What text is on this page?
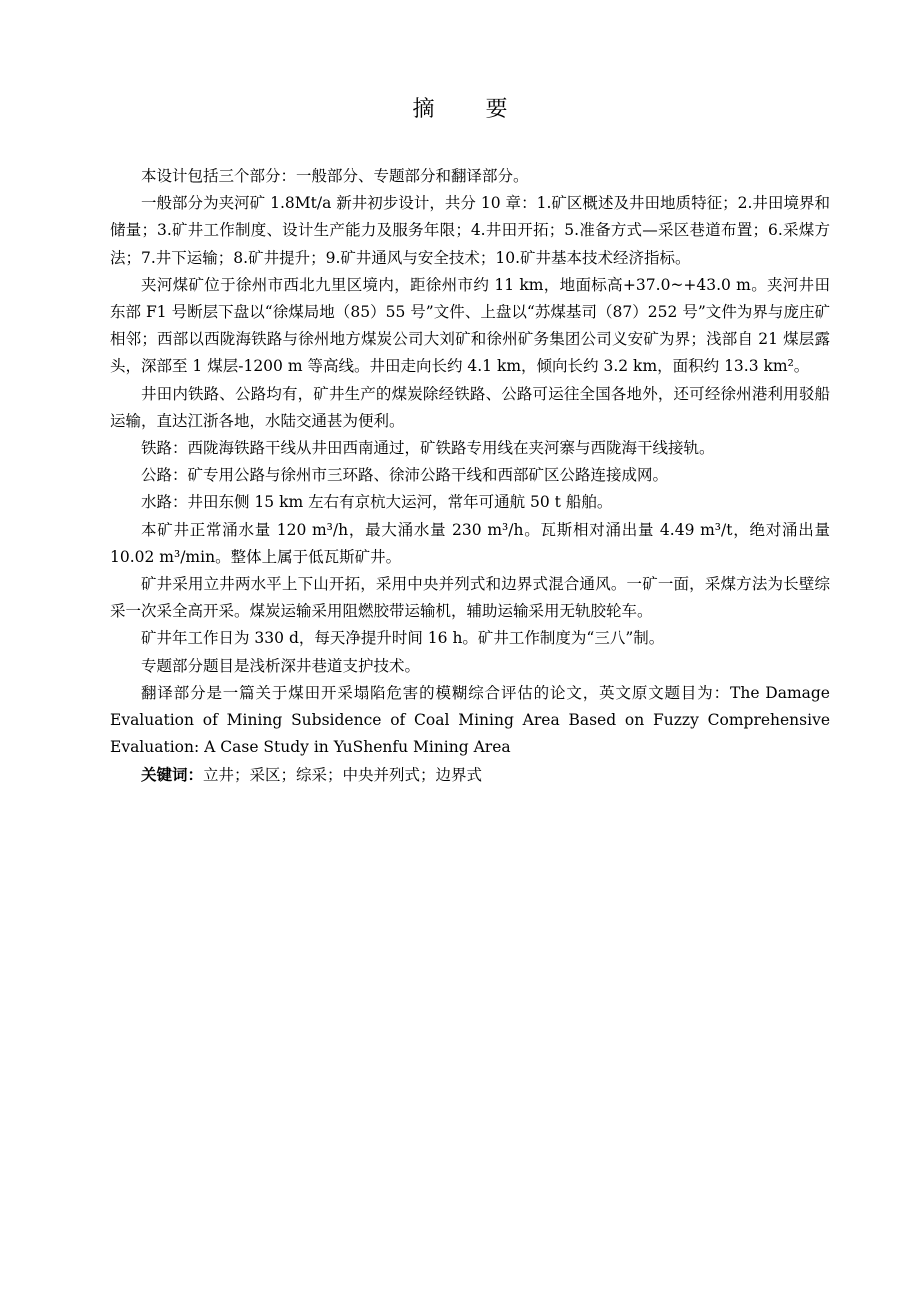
摘 要

本设计包括三个部分：一般部分、专题部分和翻译部分。

一般部分为夹河矿 1.8Mt/a 新井初步设计，共分 10 章：1.矿区概述及井田地质特征；2.井田境界和储量；3.矿井工作制度、设计生产能力及服务年限；4.井田开拓；5.准备方式—采区巷道布置；6.采煤方法；7.井下运输；8.矿井提升；9.矿井通风与安全技术；10.矿井基本技术经济指标。

夹河煤矿位于徐州市西北九里区境内，距徐州市约 11 km，地面标高+37.0~+43.0 m。夹河井田东部 F1 号断层下盘以“徐煤局地（85）55 号”文件、上盘以“苏煤基司（87）252 号”文件为界与庞庄矿相邻；西部以西陇海铁路与徐州地方煤炭公司大刘矿和徐州矿务集团公司义安矿为界；浅部自 21 煤层露头，深部至 1 煤层-1200 m 等高线。井田走向长约 4.1 km，倾向长约 3.2 km，面积约 13.3 km²。

井田内铁路、公路均有，矿井生产的煤炭除经铁路、公路可运往全国各地外，还可经徐州港利用驳船运输，直达江浙各地，水陆交通甚为便利。

铁路：西陇海铁路干线从井田西南通过，矿铁路专用线在夹河寨与西陇海干线接轨。

公路：矿专用公路与徐州市三环路、徐沛公路干线和西部矿区公路连接成网。

水路：井田东侧 15 km 左右有京杭大运河，常年可通航 50 t 船舶。

本矿井正常涌水量 120 m³/h，最大涌水量 230 m³/h。瓦斯相对涌出量 4.49 m³/t，绝对涌出量 10.02 m³/min。整体上属于低瓦斯矿井。

矿井采用立井两水平上下山开拓，采用中央并列式和边界式混合通风。一矿一面，采煤方法为长壁综采一次采全高开采。煤炭运输采用阻燃胶带运输机，辅助运输采用无轨胶轮车。

矿井年工作日为 330 d，每天净提升时间 16 h。矿井工作制度为“三八”制。

专题部分题目是浅析深井巷道支护技术。

翻译部分是一篇关于煤田开采塌陷危害的模糊综合评估的论文，英文原文题目为：The Damage Evaluation of Mining Subsidence of Coal Mining Area Based on Fuzzy Comprehensive Evaluation: A Case Study in YuShenfu Mining Area

关键词：立井；采区；综采；中央并列式；边界式
